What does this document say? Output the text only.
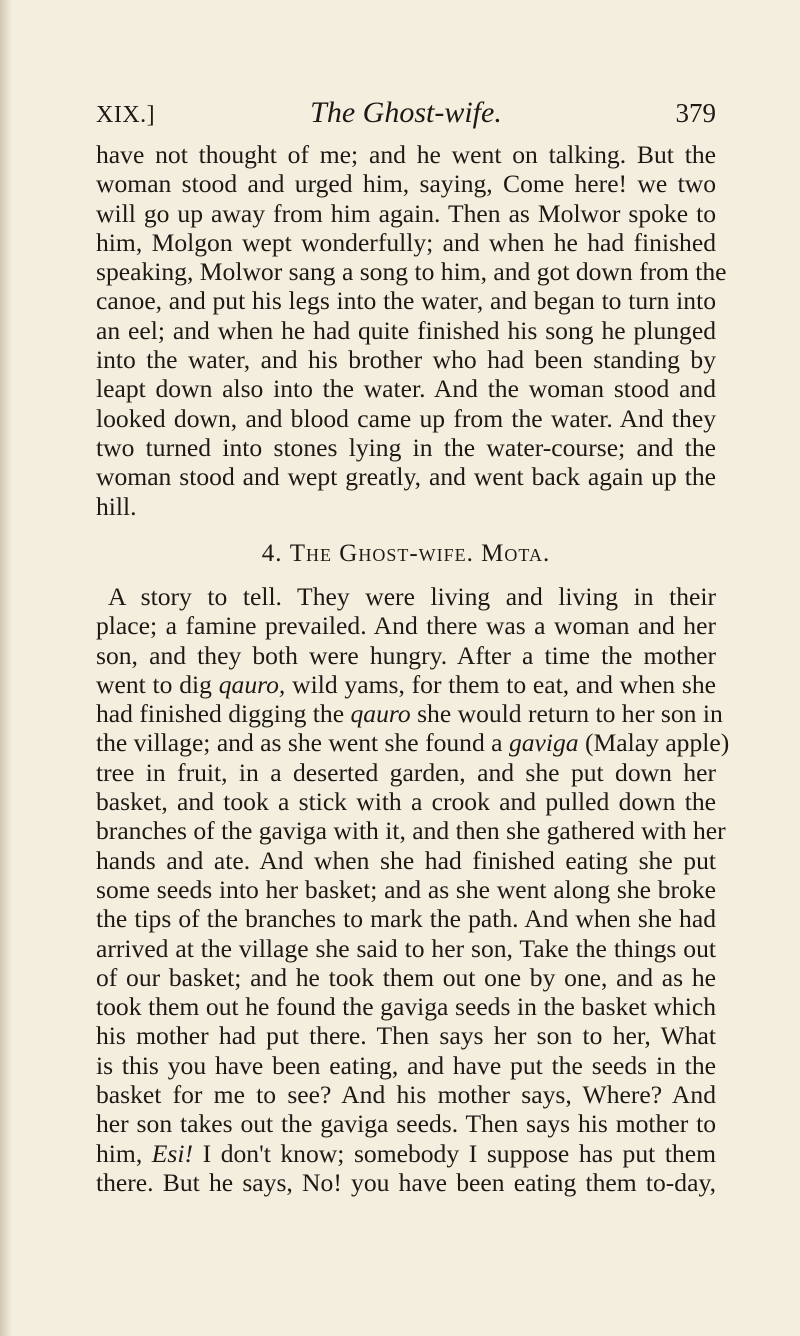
XIX.]	The Ghost-wife.	379
have not thought of me; and he went on talking. But the
woman stood and urged him, saying, Come here! we two
will go up away from him again. Then as Molwor spoke to
him, Molgon wept wonderfully; and when he had finished
speaking, Molwor sang a song to him, and got down from the
canoe, and put his legs into the water, and began to turn into
an eel; and when he had quite finished his song he plunged
into the water, and his brother who had been standing by
leapt down also into the water. And the woman stood and
looked down, and blood came up from the water. And they
two turned into stones lying in the water-course; and the
woman stood and wept greatly, and went back again up the
hill.
4. The Ghost-wife. Mota.
A story to tell. They were living and living in their
place; a famine prevailed. And there was a woman and her
son, and they both were hungry. After a time the mother
went to dig qauro, wild yams, for them to eat, and when she
had finished digging the qauro she would return to her son in
the village; and as she went she found a gaviga (Malay apple)
tree in fruit, in a deserted garden, and she put down her
basket, and took a stick with a crook and pulled down the
branches of the gaviga with it, and then she gathered with her
hands and ate. And when she had finished eating she put
some seeds into her basket; and as she went along she broke
the tips of the branches to mark the path. And when she had
arrived at the village she said to her son, Take the things out
of our basket; and he took them out one by one, and as he
took them out he found the gaviga seeds in the basket which
his mother had put there. Then says her son to her, What
is this you have been eating, and have put the seeds in the
basket for me to see? And his mother says, Where? And
her son takes out the gaviga seeds. Then says his mother to
him, Esi! I don't know; somebody I suppose has put them
there. But he says, No! you have been eating them to-day,
